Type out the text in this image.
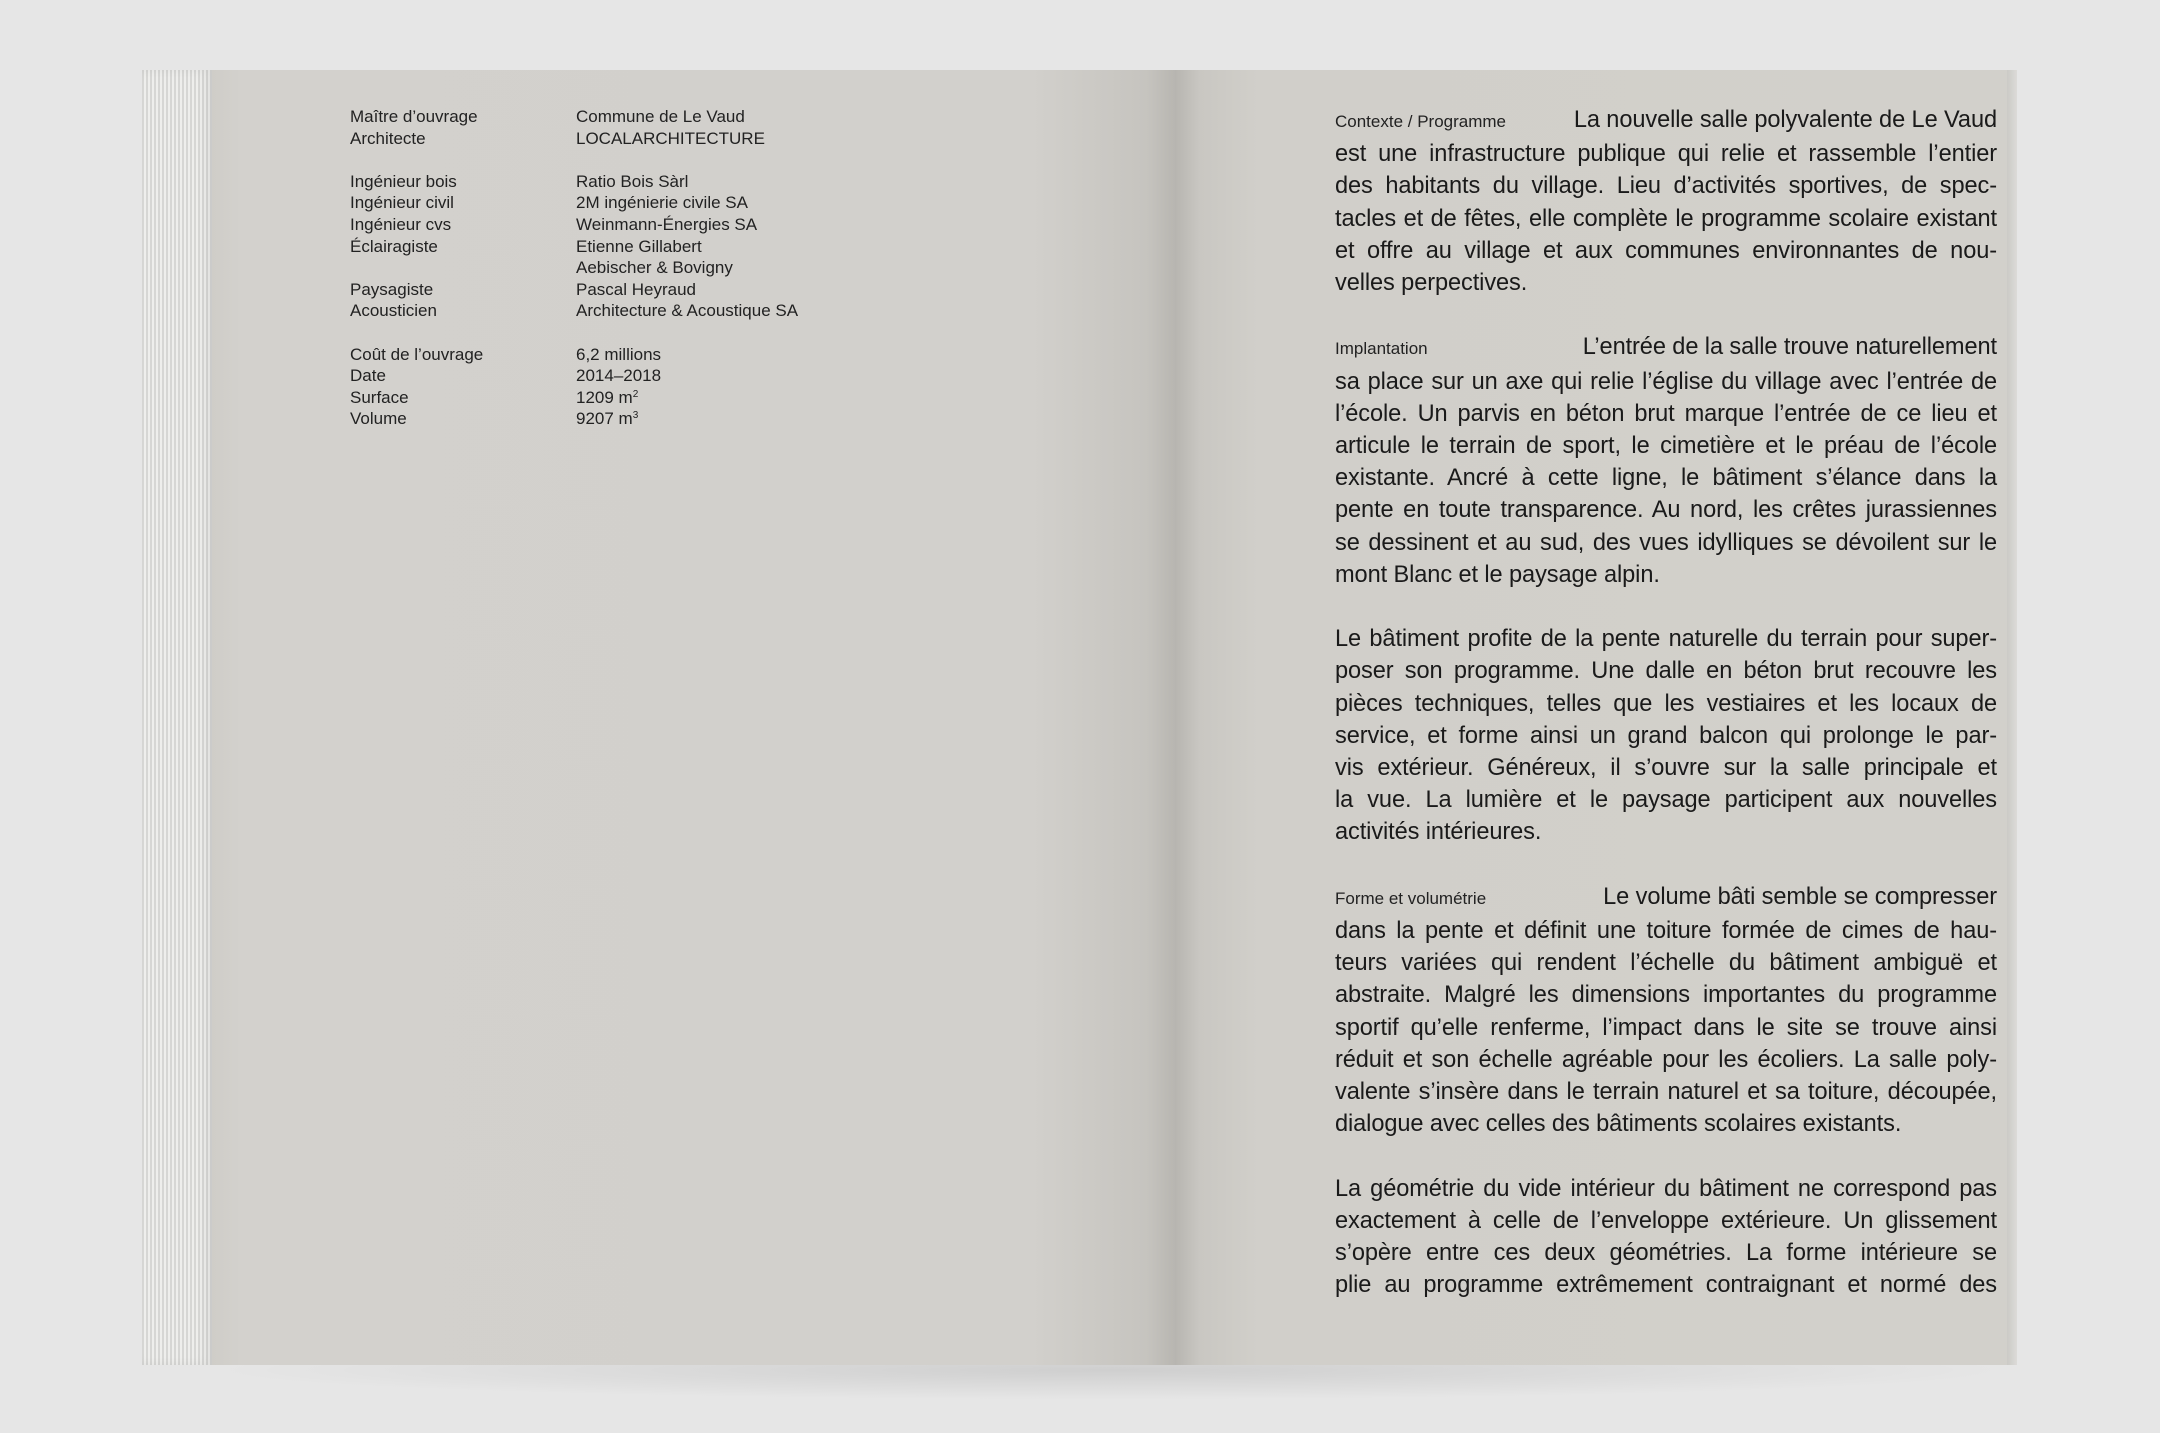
Maître d’ouvrage	Commune de Le Vaud
Architecte	LOCALARCHITECTURE
Ingénieur bois	Ratio Bois Sàrl
Ingénieur civil	2M ingénierie civile SA
Ingénieur cvs	Weinmann-Énergies SA
Éclairagiste	Etienne Gillabert
Aebischer & Bovigny
Paysagiste	Pascal Heyraud
Acousticien	Architecture & Acoustique SA
Coût de l’ouvrage	6,2 millions
Date	2014–2018
Surface	1209 $m^2$
Volume	9207 $m^3$
Contexte / Programme	La nouvelle salle polyvalente de Le Vaud
est une infrastructure publique qui relie et rassemble l’entier
des habitants du village. Lieu d’activités sportives, de spec-
tacles et de fêtes, elle complète le programme scolaire existant
et offre au village et aux communes environnantes de nou-
velles perpectives.
Implantation	L’entrée de la salle trouve naturellement
sa place sur un axe qui relie l’église du village avec l’entrée de
l’école. Un parvis en béton brut marque l’entrée de ce lieu et
articule le terrain de sport, le cimetière et le préau de l’école
existante. Ancré à cette ligne, le bâtiment s’élance dans la
pente en toute transparence. Au nord, les crêtes jurassiennes
se dessinent et au sud, des vues idylliques se dévoilent sur le
mont Blanc et le paysage alpin.
Le bâtiment profite de la pente naturelle du terrain pour super-
poser son programme. Une dalle en béton brut recouvre les
pièces techniques, telles que les vestiaires et les locaux de
service, et forme ainsi un grand balcon qui prolonge le par-
vis extérieur. Généreux, il s’ouvre sur la salle principale et
la vue. La lumière et le paysage participent aux nouvelles
activités intérieures.
Forme et volumétrie	Le volume bâti semble se compresser
dans la pente et définit une toiture formée de cimes de hau-
teurs variées qui rendent l’échelle du bâtiment ambiguë et
abstraite. Malgré les dimensions importantes du programme
sportif qu’elle renferme, l’impact dans le site se trouve ainsi
réduit et son échelle agréable pour les écoliers. La salle poly-
valente s’insère dans le terrain naturel et sa toiture, découpée,
dialogue avec celles des bâtiments scolaires existants.
La géométrie du vide intérieur du bâtiment ne correspond pas
exactement à celle de l’enveloppe extérieure. Un glissement
s’opère entre ces deux géométries. La forme intérieure se
plie au programme extrêmement contraignant et normé des
